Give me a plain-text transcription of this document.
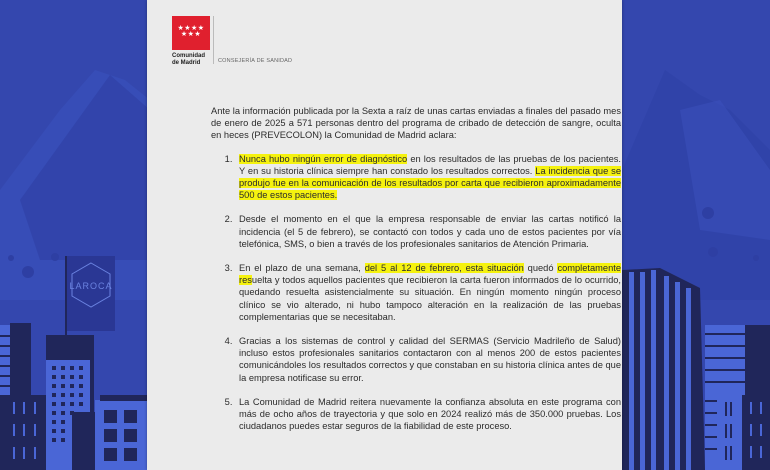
LAROCA
★★★★
★★★
Comunidad
de Madrid	CONSEJERÍA DE SANIDAD

Ante la información publicada por la Sexta a raíz de unas cartas enviadas a finales del pasado mes de enero de 2025 a 571 personas dentro del programa de cribado de detección de sangre, oculta en heces (PREVECOLON) la Comunidad de Madrid aclara:

1. Nunca hubo ningún error de diagnóstico en los resultados de las pruebas de los pacientes. Y en su historia clínica siempre han constado los resultados correctos. La incidencia que se produjo fue en la comunicación de los resultados por carta que recibieron aproximadamente 500 de estos pacientes.
2. Desde el momento en el que la empresa responsable de enviar las cartas notificó la incidencia (el 5 de febrero), se contactó con todos y cada uno de estos pacientes por vía telefónica, SMS, o bien a través de los profesionales sanitarios de Atención Primaria.
3. En el plazo de una semana, del 5 al 12 de febrero, esta situación quedó completamente resuelta y todos aquellos pacientes que recibieron la carta fueron informados de lo ocurrido, quedando resuelta asistencialmente su situación. En ningún momento ningún proceso clínico se vio alterado, ni hubo tampoco alteración en la realización de las pruebas complementarias que se necesitaban.
4. Gracias a los sistemas de control y calidad del SERMAS (Servicio Madrileño de Salud) incluso estos profesionales sanitarios contactaron con al menos 200 de estos pacientes comunicándoles los resultados correctos y que constaban en su historia clínica antes de que la empresa notificase su error.
5. La Comunidad de Madrid reitera nuevamente la confianza absoluta en este programa con más de ocho años de trayectoria y que solo en 2024 realizó más de 350.000 pruebas. Los ciudadanos puedes estar seguros de la fiabilidad de este proceso.
